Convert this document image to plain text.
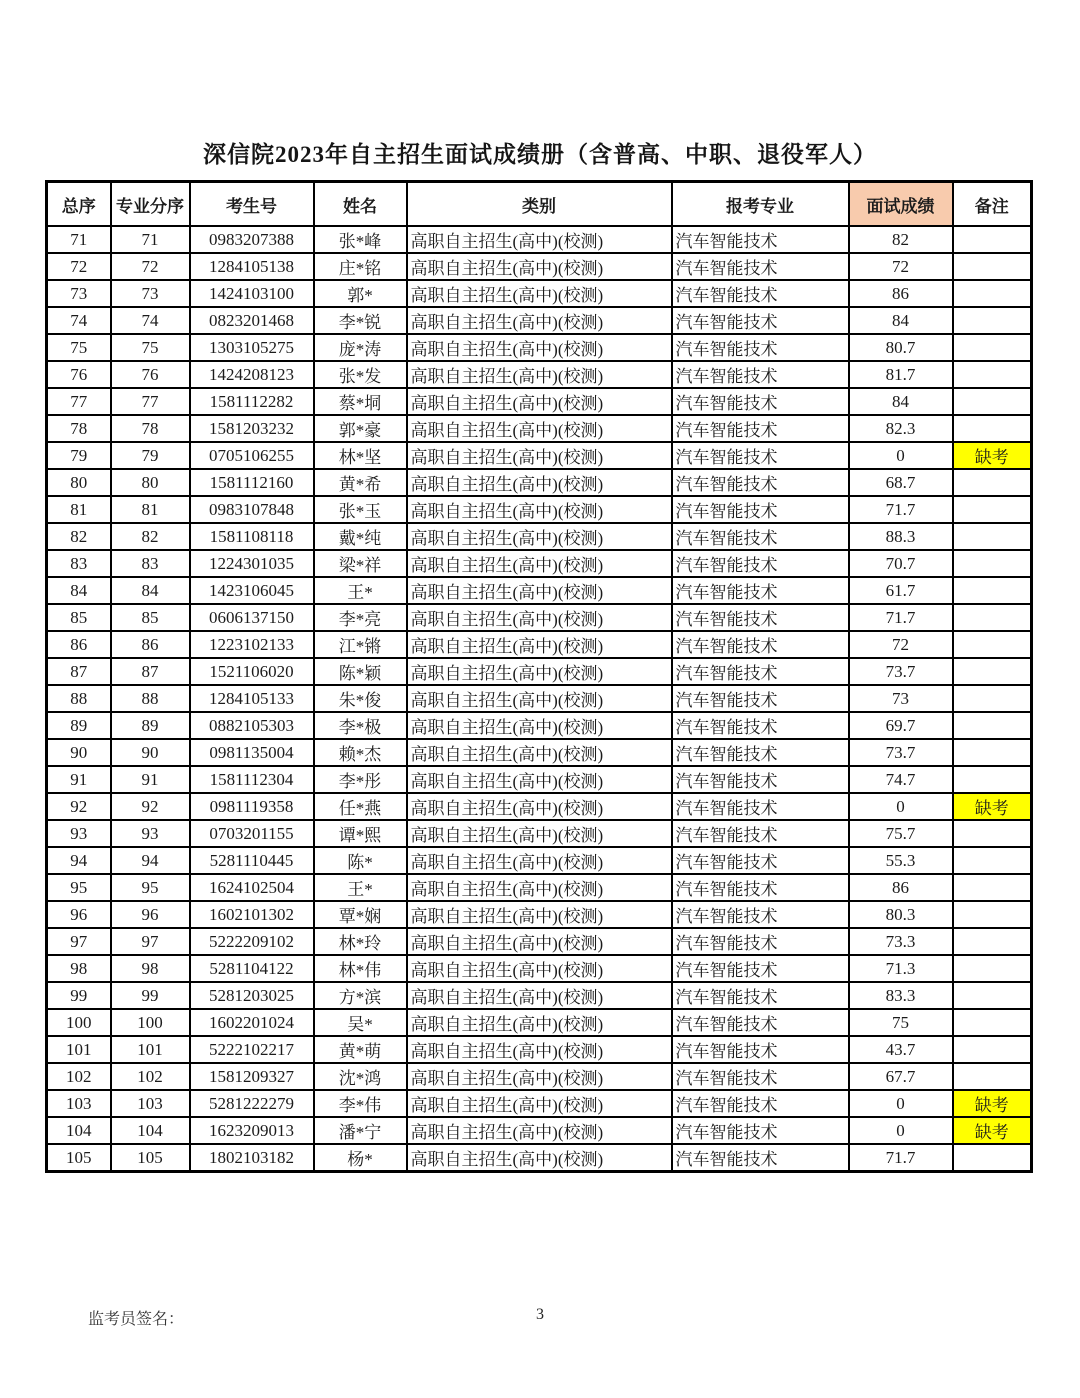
深信院2023年自主招生面试成绩册（含普高、中职、退役军人）
总序	专业分序	考生号	姓名	类别	报考专业	面试成绩	备注
71	71	0983207388	张*峰	高职自主招生(高中)(校测)	汽车智能技术	82	
72	72	1284105138	庄*铭	高职自主招生(高中)(校测)	汽车智能技术	72	
73	73	1424103100	郭*	高职自主招生(高中)(校测)	汽车智能技术	86	
74	74	0823201468	李*锐	高职自主招生(高中)(校测)	汽车智能技术	84	
75	75	1303105275	庞*涛	高职自主招生(高中)(校测)	汽车智能技术	80.7	
76	76	1424208123	张*发	高职自主招生(高中)(校测)	汽车智能技术	81.7	
77	77	1581112282	蔡*垌	高职自主招生(高中)(校测)	汽车智能技术	84	
78	78	1581203232	郭*豪	高职自主招生(高中)(校测)	汽车智能技术	82.3	
79	79	0705106255	林*坚	高职自主招生(高中)(校测)	汽车智能技术	0	缺考
80	80	1581112160	黄*希	高职自主招生(高中)(校测)	汽车智能技术	68.7	
81	81	0983107848	张*玉	高职自主招生(高中)(校测)	汽车智能技术	71.7	
82	82	1581108118	戴*纯	高职自主招生(高中)(校测)	汽车智能技术	88.3	
83	83	1224301035	梁*祥	高职自主招生(高中)(校测)	汽车智能技术	70.7	
84	84	1423106045	王*	高职自主招生(高中)(校测)	汽车智能技术	61.7	
85	85	0606137150	李*亮	高职自主招生(高中)(校测)	汽车智能技术	71.7	
86	86	1223102133	江*锵	高职自主招生(高中)(校测)	汽车智能技术	72	
87	87	1521106020	陈*颖	高职自主招生(高中)(校测)	汽车智能技术	73.7	
88	88	1284105133	朱*俊	高职自主招生(高中)(校测)	汽车智能技术	73	
89	89	0882105303	李*极	高职自主招生(高中)(校测)	汽车智能技术	69.7	
90	90	0981135004	赖*杰	高职自主招生(高中)(校测)	汽车智能技术	73.7	
91	91	1581112304	李*彤	高职自主招生(高中)(校测)	汽车智能技术	74.7	
92	92	0981119358	任*燕	高职自主招生(高中)(校测)	汽车智能技术	0	缺考
93	93	0703201155	谭*熙	高职自主招生(高中)(校测)	汽车智能技术	75.7	
94	94	5281110445	陈*	高职自主招生(高中)(校测)	汽车智能技术	55.3	
95	95	1624102504	王*	高职自主招生(高中)(校测)	汽车智能技术	86	
96	96	1602101302	覃*娴	高职自主招生(高中)(校测)	汽车智能技术	80.3	
97	97	5222209102	林*玲	高职自主招生(高中)(校测)	汽车智能技术	73.3	
98	98	5281104122	林*伟	高职自主招生(高中)(校测)	汽车智能技术	71.3	
99	99	5281203025	方*滨	高职自主招生(高中)(校测)	汽车智能技术	83.3	
100	100	1602201024	吴*	高职自主招生(高中)(校测)	汽车智能技术	75	
101	101	5222102217	黄*萌	高职自主招生(高中)(校测)	汽车智能技术	43.7	
102	102	1581209327	沈*鸿	高职自主招生(高中)(校测)	汽车智能技术	67.7	
103	103	5281222279	李*伟	高职自主招生(高中)(校测)	汽车智能技术	0	缺考
104	104	1623209013	潘*宁	高职自主招生(高中)(校测)	汽车智能技术	0	缺考
105	105	1802103182	杨*	高职自主招生(高中)(校测)	汽车智能技术	71.7	
监考员签名：	3
